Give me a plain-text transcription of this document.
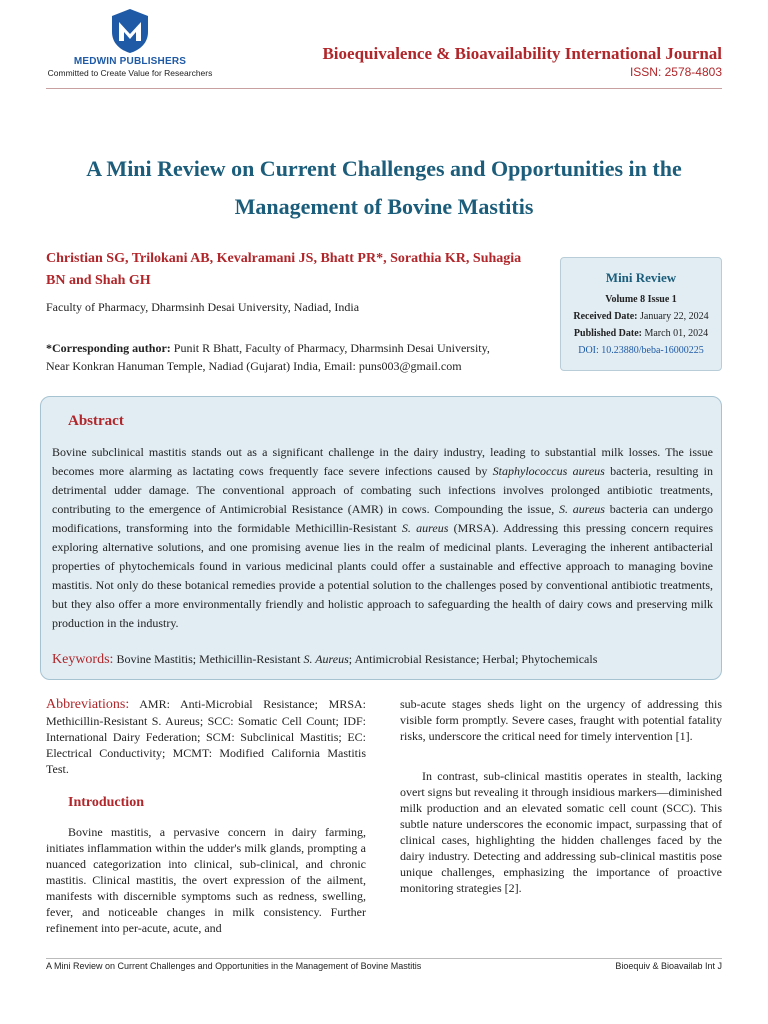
MEDWIN PUBLISHERS
Committed to Create Value for Researchers
Bioequivalence & Bioavailability International Journal
ISSN: 2578-4803
A Mini Review on Current Challenges and Opportunities in the
Management of Bovine Mastitis
Christian SG, Trilokani AB, Kevalramani JS, Bhatt PR*, Sorathia KR, Suhagia
BN and Shah GH
Faculty of Pharmacy, Dharmsinh Desai University, Nadiad, India
*Corresponding author: Punit R Bhatt, Faculty of Pharmacy, Dharmsinh Desai University,
Near Konkran Hanuman Temple, Nadiad (Gujarat) India, Email: puns003@gmail.com
Mini Review
Volume 8 Issue 1
Received Date: January 22, 2024
Published Date: March 01, 2024
DOI: 10.23880/beba-16000225
Abstract
Bovine subclinical mastitis stands out as a significant challenge in the dairy industry, leading to substantial milk losses. The issue becomes more alarming as lactating cows frequently face severe infections caused by Staphylococcus aureus bacteria, resulting in detrimental udder damage. The conventional approach of combating such infections involves prolonged antibiotic treatments, contributing to the emergence of Antimicrobial Resistance (AMR) in cows. Compounding the issue, S. aureus bacteria can undergo modifications, transforming into the formidable Methicillin-Resistant S. aureus (MRSA). Addressing this pressing concern requires exploring alternative solutions, and one promising avenue lies in the realm of medicinal plants. Leveraging the inherent antibacterial properties of phytochemicals found in various medicinal plants could offer a sustainable and effective approach to managing bovine mastitis. Not only do these botanical remedies provide a potential solution to the challenges posed by conventional antibiotic treatments, but they also offer a more environmentally friendly and holistic approach to safeguarding the health of dairy cows and preserving milk production in the industry.
Keywords: Bovine Mastitis; Methicillin-Resistant S. Aureus; Antimicrobial Resistance; Herbal; Phytochemicals
Abbreviations: AMR: Anti-Microbial Resistance; MRSA: Methicillin-Resistant S. Aureus; SCC: Somatic Cell Count; IDF: International Dairy Federation; SCM: Subclinical Mastitis; EC: Electrical Conductivity; MCMT: Modified California Mastitis Test.
Introduction
Bovine mastitis, a pervasive concern in dairy farming, initiates inflammation within the udder's milk glands, prompting a nuanced categorization into clinical, sub-clinical, and chronic mastitis. Clinical mastitis, the overt expression of the ailment, manifests with discernible symptoms such as redness, swelling, fever, and noticeable changes in milk consistency. Further refinement into per-acute, acute, and

sub-acute stages sheds light on the urgency of addressing this visible form promptly. Severe cases, fraught with potential fatality risks, underscore the critical need for timely intervention [1].

In contrast, sub-clinical mastitis operates in stealth, lacking overt signs but revealing it through insidious markers—diminished milk production and an elevated somatic cell count (SCC). This subtle nature underscores the economic impact, surpassing that of clinical cases, highlighting the hidden challenges faced by the dairy industry. Detecting and addressing sub-clinical mastitis pose unique challenges, emphasizing the importance of proactive monitoring strategies [2].

A Mini Review on Current Challenges and Opportunities in the Management of Bovine Mastitis	Bioequiv & Bioavailab Int J
